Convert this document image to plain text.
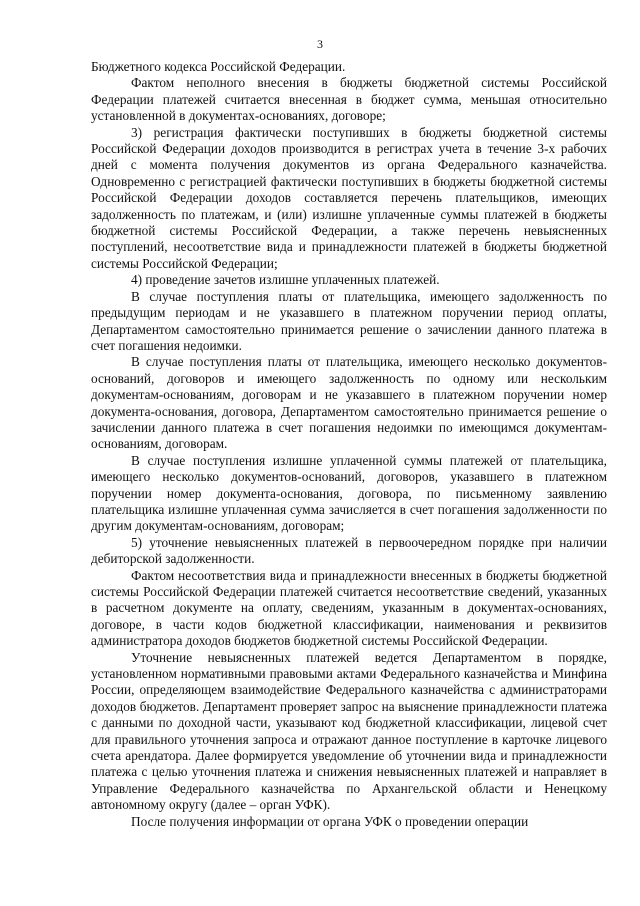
3

Бюджетного кодекса Российской Федерации.

Фактом неполного внесения в бюджеты бюджетной системы Российской Федерации платежей считается внесенная в бюджет сумма, меньшая относительно установленной в документах-основаниях, договоре;

3) регистрация фактически поступивших в бюджеты бюджетной системы Российской Федерации доходов производится в регистрах учета в течение 3-х рабочих дней с момента получения документов из органа Федерального казначейства. Одновременно с регистрацией фактически поступивших в бюджеты бюджетной системы Российской Федерации доходов составляется перечень плательщиков, имеющих задолженность по платежам, и (или) излишне уплаченные суммы платежей в бюджеты бюджетной системы Российской Федерации, а также перечень невыясненных поступлений, несоответствие вида и принадлежности платежей в бюджеты бюджетной системы Российской Федерации;

4) проведение зачетов излишне уплаченных платежей.

В случае поступления платы от плательщика, имеющего задолженность по предыдущим периодам и не указавшего в платежном поручении период оплаты, Департаментом самостоятельно принимается решение о зачислении данного платежа в счет погашения недоимки.

В случае поступления платы от плательщика, имеющего несколько документов-оснований, договоров и имеющего задолженность по одному или нескольким документам-основаниям, договорам и не указавшего в платежном поручении номер документа-основания, договора, Департаментом самостоятельно принимается решение о зачислении данного платежа в счет погашения недоимки по имеющимся документам-основаниям, договорам.

В случае поступления излишне уплаченной суммы платежей от плательщика, имеющего несколько документов-оснований, договоров, указавшего в платежном поручении номер документа-основания, договора, по письменному заявлению плательщика излишне уплаченная сумма зачисляется в счет погашения задолженности по другим документам-основаниям, договорам;

5) уточнение невыясненных платежей в первоочередном порядке при наличии дебиторской задолженности.

Фактом несоответствия вида и принадлежности внесенных в бюджеты бюджетной системы Российской Федерации платежей считается несоответствие сведений, указанных в расчетном документе на оплату, сведениям, указанным в документах-основаниях, договоре, в части кодов бюджетной классификации, наименования и реквизитов администратора доходов бюджетов бюджетной системы Российской Федерации.

Уточнение невыясненных платежей ведется Департаментом в порядке, установленном нормативными правовыми актами Федерального казначейства и Минфина России, определяющем взаимодействие Федерального казначейства с администраторами доходов бюджетов. Департамент проверяет запрос на выяснение принадлежности платежа с данными по доходной части, указывают код бюджетной классификации, лицевой счет для правильного уточнения запроса и отражают данное поступление в карточке лицевого счета арендатора. Далее формируется уведомление об уточнении вида и принадлежности платежа с целью уточнения платежа и снижения невыясненных платежей и направляет в Управление Федерального казначейства по Архангельской области и Ненецкому автономному округу (далее – орган УФК).

После получения информации от органа УФК о проведении операции
